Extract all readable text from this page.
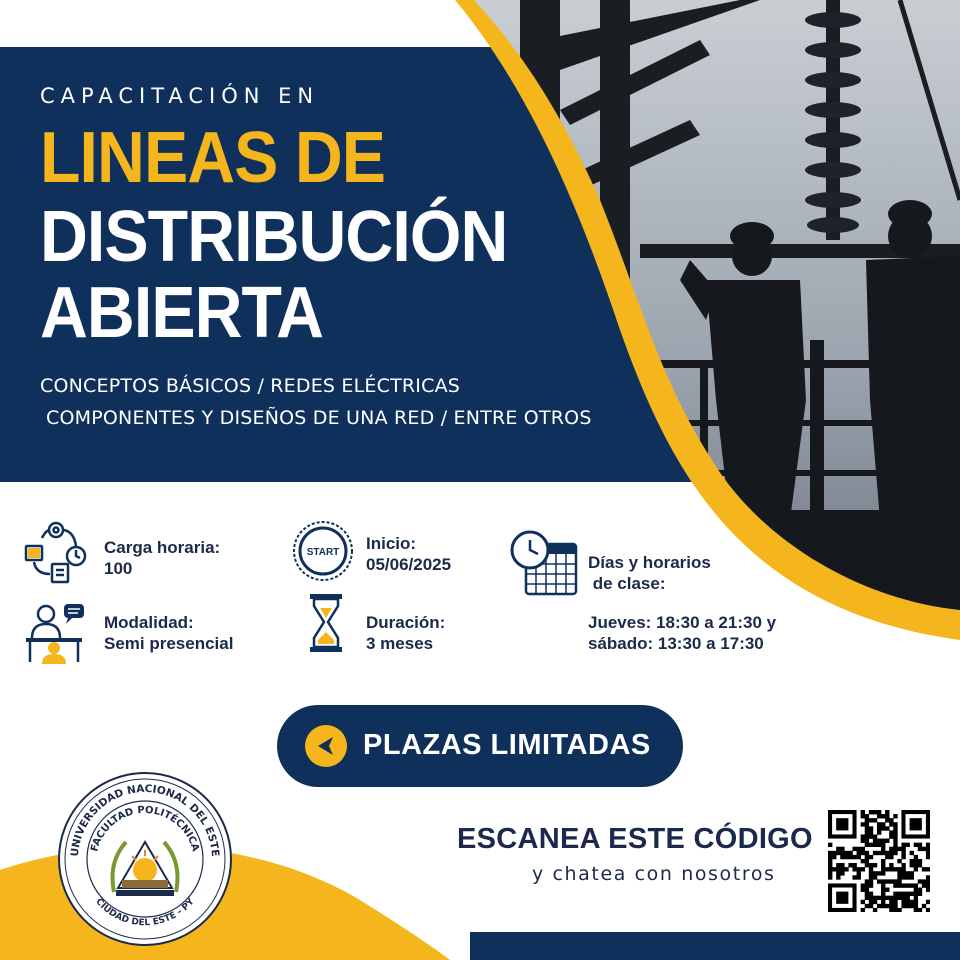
CAPACITACIÓN EN
LINEAS DE
DISTRIBUCIÓN
ABIERTA
CONCEPTOS BÁSICOS / REDES ELÉCTRICAS
COMPONENTES Y DISEÑOS DE UNA RED / ENTRE OTROS
Carga horaria:
100
START Inicio:
05/06/2025	Días y horarios
de clase:
Modalidad:
Semi presencial
Duración:
3 meses
Jueves: 18:30 a 21:30 y
sábado: 13:30 a 17:30
PLAZAS LIMITADAS
ESCANEA ESTE CÓDIGO
y chatea con nosotros
UNIVERSIDAD NACIONAL DEL ESTE
FACULTAD POLITÉCNICA
CIUDAD DEL ESTE - PY
